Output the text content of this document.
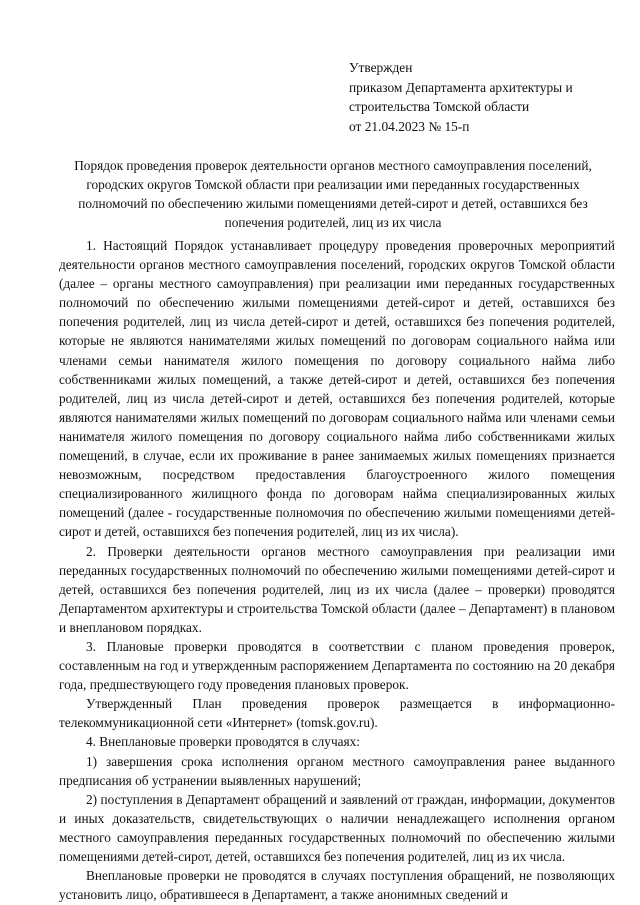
Утвержден
приказом Департамента архитектуры и
строительства Томской области
от 21.04.2023 № 15-п
Порядок проведения проверок деятельности органов местного самоуправления поселений, городских округов Томской области при реализации ими переданных государственных полномочий по обеспечению жилыми помещениями детей-сирот и детей, оставшихся без попечения родителей, лиц из их числа

1. Настоящий Порядок устанавливает процедуру проведения проверочных мероприятий деятельности органов местного самоуправления поселений, городских округов Томской области (далее – органы местного самоуправления) при реализации ими переданных государственных полномочий по обеспечению жилыми помещениями детей-сирот и детей, оставшихся без попечения родителей, лиц из числа детей-сирот и детей, оставшихся без попечения родителей, которые не являются нанимателями жилых помещений по договорам социального найма или членами семьи нанимателя жилого помещения по договору социального найма либо собственниками жилых помещений, а также детей-сирот и детей, оставшихся без попечения родителей, лиц из числа детей-сирот и детей, оставшихся без попечения родителей, которые являются нанимателями жилых помещений по договорам социального найма или членами семьи нанимателя жилого помещения по договору социального найма либо собственниками жилых помещений, в случае, если их проживание в ранее занимаемых жилых помещениях признается невозможным, посредством предоставления благоустроенного жилого помещения специализированного жилищного фонда по договорам найма специализированных жилых помещений (далее - государственные полномочия по обеспечению жилыми помещениями детей-сирот и детей, оставшихся без попечения родителей, лиц из их числа).

2. Проверки деятельности органов местного самоуправления при реализации ими переданных государственных полномочий по обеспечению жилыми помещениями детей-сирот и детей, оставшихся без попечения родителей, лиц из их числа (далее – проверки) проводятся Департаментом архитектуры и строительства Томской области (далее – Департамент) в плановом и внеплановом порядках.

3. Плановые проверки проводятся в соответствии с планом проведения проверок, составленным на год и утвержденным распоряжением Департамента по состоянию на 20 декабря года, предшествующего году проведения плановых проверок.

Утвержденный План проведения проверок размещается в информационно-телекоммуникационной сети «Интернет» (tomsk.gov.ru).

4. Внеплановые проверки проводятся в случаях:

1) завершения срока исполнения органом местного самоуправления ранее выданного предписания об устранении выявленных нарушений;

2) поступления в Департамент обращений и заявлений от граждан, информации, документов и иных доказательств, свидетельствующих о наличии ненадлежащего исполнения органом местного самоуправления переданных государственных полномочий по обеспечению жилыми помещениями детей-сирот, детей, оставшихся без попечения родителей, лиц из их числа.

Внеплановые проверки не проводятся в случаях поступления обращений, не позволяющих установить лицо, обратившееся в Департамент, а также анонимных сведений и
